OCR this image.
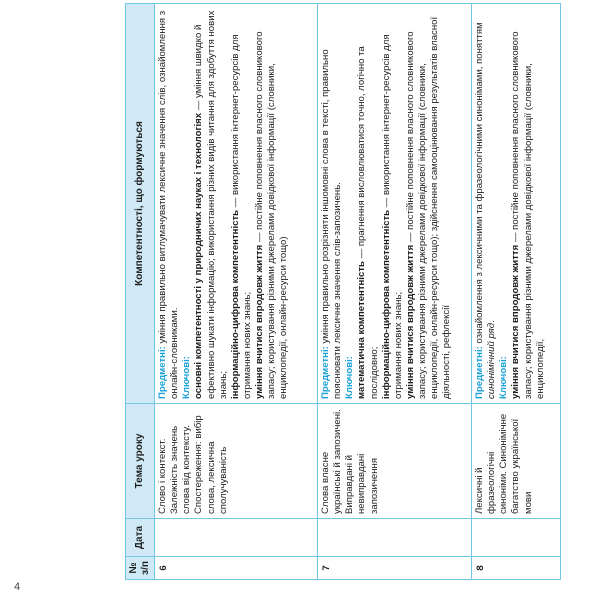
№ з/п	Дата	Тема уроку	Компетентності, що формуються
6		Слово і контекст. Залежність значень слова від контексту. Спостереження: вибір слова, лексична сполучуваність	Предметні: уміння правильно витлумачувати лексичне значення слів, ознайомлення з онлайн-словниками. Ключові: основні компетентності у природничих науках і технологіях — уміння швидко й ефективно шукати інформацію; використання різних видів читання для здобуття нових знань; інформаційно-цифрова компетентність — використання інтернет-ресурсів для отримання нових знань; уміння вчитися впродовж життя — постійне поповнення власного словникового запасу; користування різними джерелами довідкової інформації (словники, енциклопедії, онлайн-ресурси тощо)

7		Слова власне українські й запозичені. Виправдані й невиправдані запозичення	Предметні: уміння правильно розрізняти іншомовні слова в тексті, правильно пояснювати лексичне значення слів-запозичень. Ключові: математична компетентність — прагнення висловлюватися точно, логічно та послідовно; інформаційно-цифрова компетентність — використання інтернет-ресурсів для отримання нових знань; уміння вчитися впродовж життя — постійне поповнення власного словникового запасу; користування різними джерелами довідкової інформації (словники, енциклопедії, онлайн-ресурси тощо); здійснення самооцінювання результатів власної діяльності, рефлексії

8		Лексичні й фразеологічні синоніми. Синонімічне багатство української мови	Предметні: ознайомлення з лексичними та фразеологічними синонімами, поняттям синонімічний ряд.

Ключові: уміння вчитися впродовж життя — постійне поповнення власного словникового запасу; користування різними джерелами довідкової інформації (словники, енциклопедії,

4
